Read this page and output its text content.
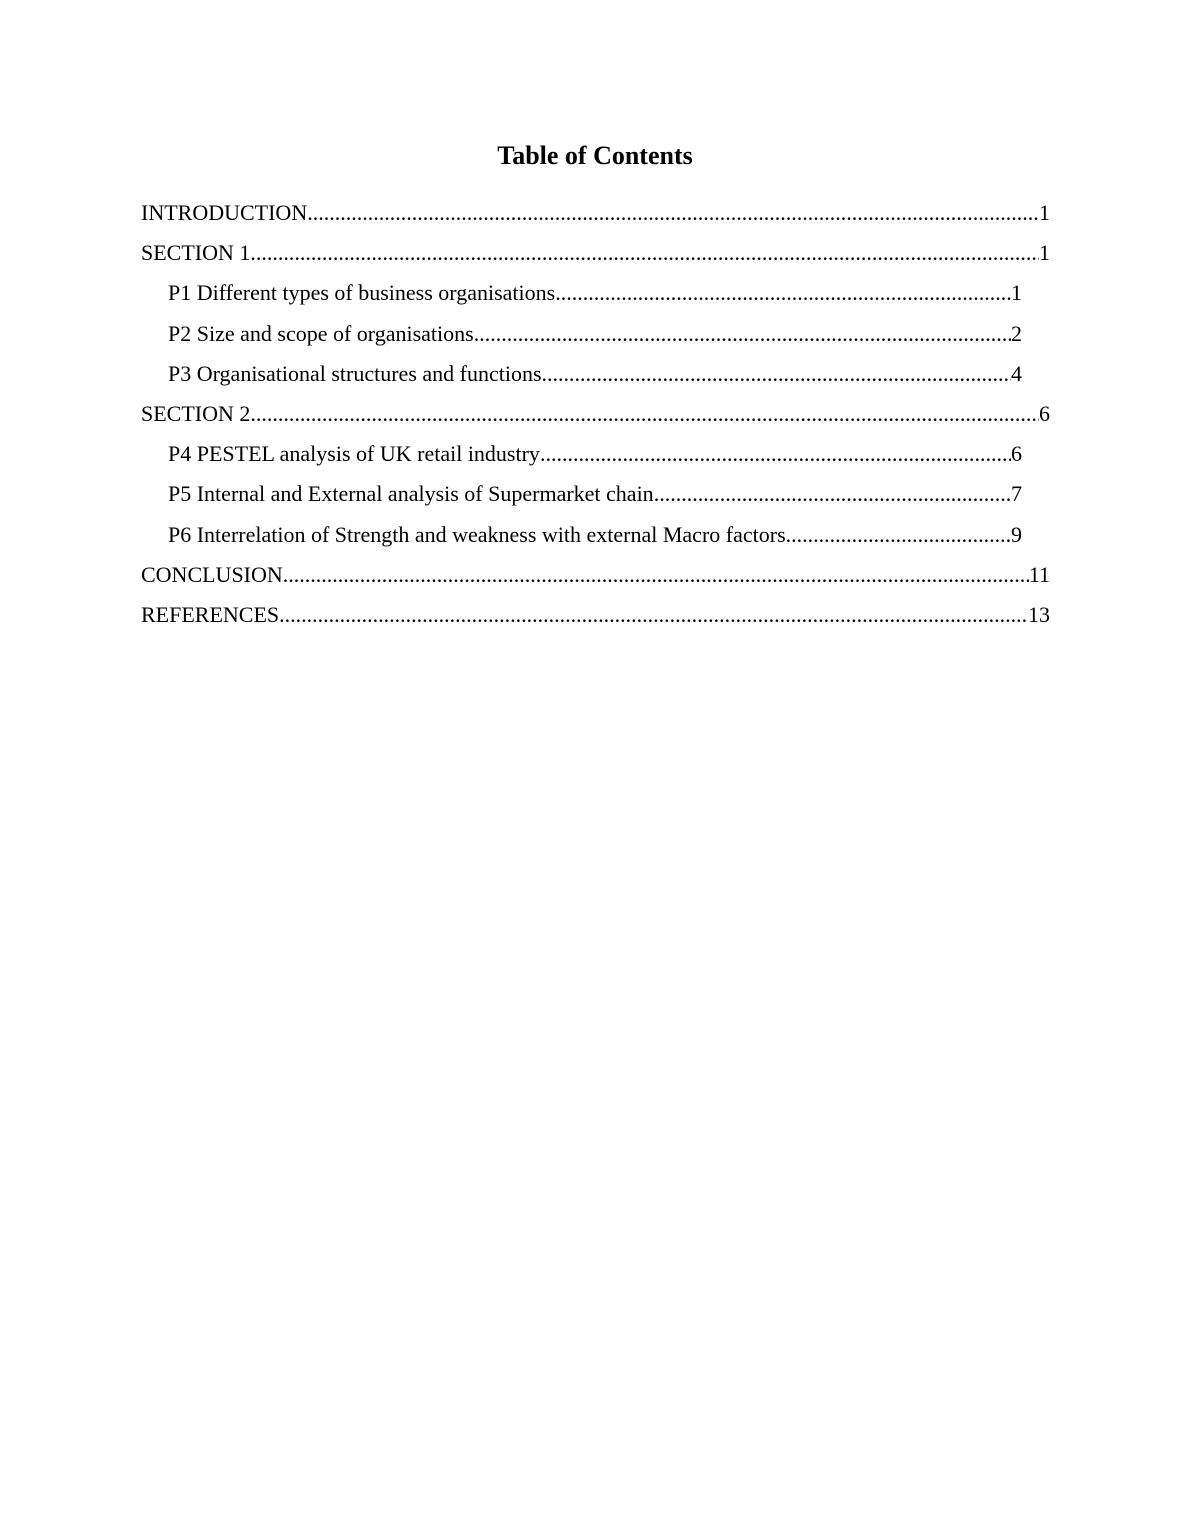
Table of Contents
INTRODUCTION .....	1
SECTION 1 .....	1
P1 Different types of business organisations .....	1
P2 Size and scope of organisations .....	2
P3 Organisational structures and functions .....	4
SECTION 2 .....	6
P4 PESTEL analysis of UK retail industry .....	6
P5 Internal and External analysis of Supermarket chain .....	7
P6 Interrelation of Strength and weakness with external Macro factors .....	9
CONCLUSION .....	11
REFERENCES .....	13
